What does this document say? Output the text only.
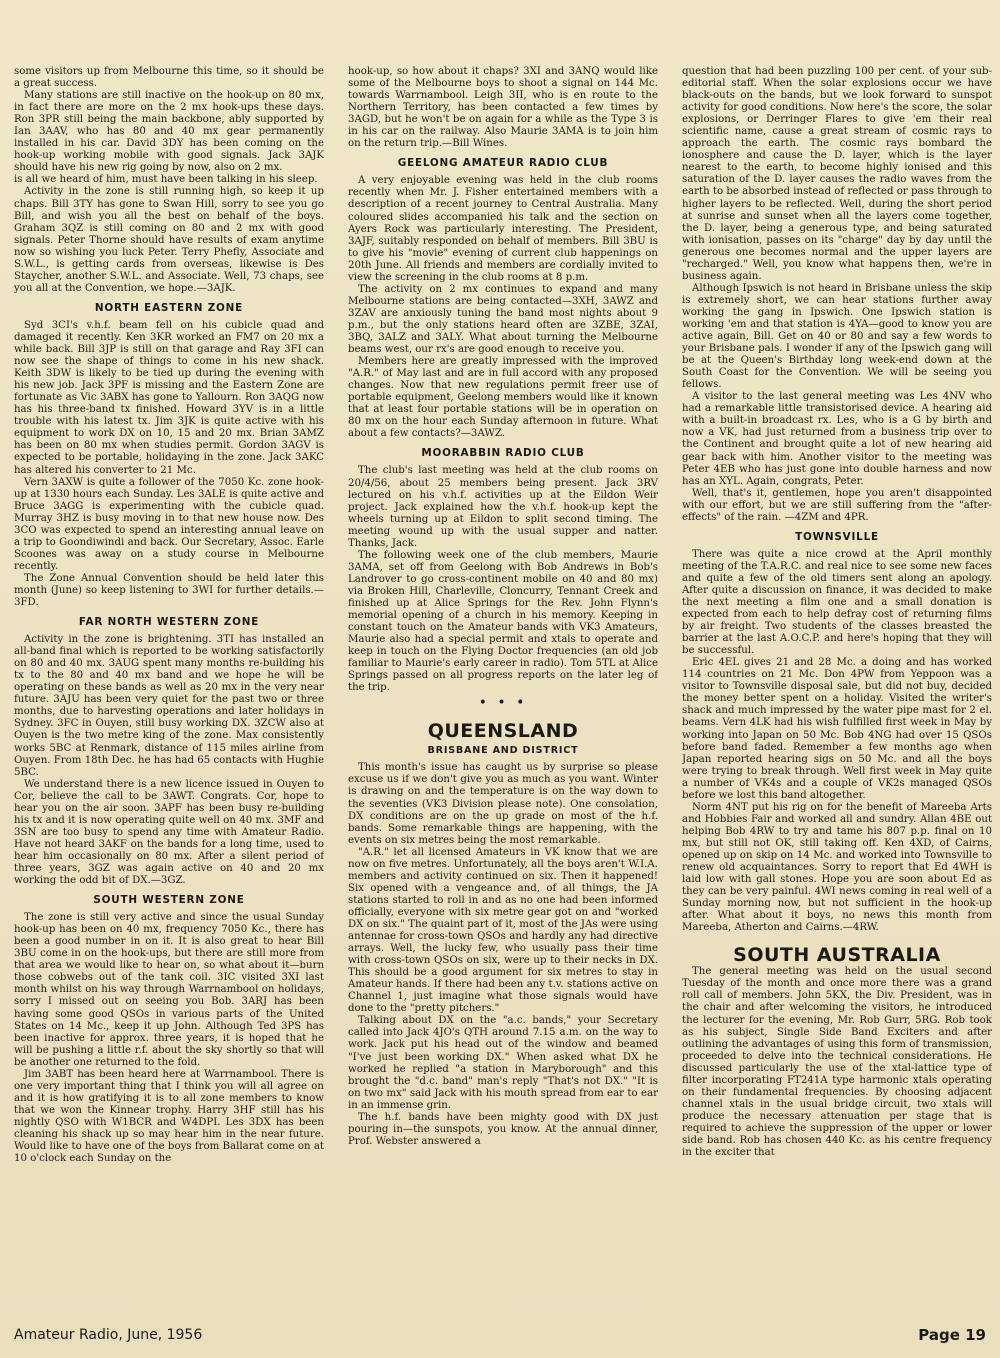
some visitors up from Melbourne this time, so it should be a great success.

Many stations are still inactive on the hook-up on 80 mx, in fact there are more on the 2 mx hook-ups these days. Ron 3PR still being the main backbone, ably supported by Ian 3AAV, who has 80 and 40 mx gear permanently installed in his car. David 3DY has been coming on the hook-up working mobile with good signals. Jack 3AJK should have his new rig going by now, also on 2 mx.

is all we heard of him, must have been talking in his sleep.

Activity in the zone is still running high, so keep it up chaps. Bill 3TY has gone to Swan Hill, sorry to see you go Bill, and wish you all the best on behalf of the boys. Graham 3QZ is still coming on 80 and 2 mx with good signals. Peter Thorne should have results of exam anytime now so wishing you luck Peter. Terry Phefly, Associate and S.W.L., is getting cards from overseas, likewise is Des Staycher, another S.W.L. and Associate. Well, 73 chaps, see you all at the Convention, we hope.—3AJK.

NORTH EASTERN ZONE

Syd 3CI's v.h.f. beam fell on his cubicle quad and damaged it recently. Ken 3KR worked an FM7 on 20 mx a while back. Bill 3JP is still on that garage and Ray 3FI can now see the shape of things to come in his new shack. Keith 3DW is likely to be tied up during the evening with his new job. Jack 3PF is missing and the Eastern Zone are fortunate as Vic 3ABX has gone to Yallourn. Ron 3AQG now has his three-band tx finished. Howard 3YV is in a little trouble with his latest tx. Jim 3JK is quite active with his equipment to work DX on 10, 15 and 20 mx. Brian 3AMZ has been on 80 mx when studies permit. Gordon 3AGV is expected to be portable, holidaying in the zone. Jack 3AKC has altered his converter to 21 Mc.

Vern 3AXW is quite a follower of the 7050 Kc. zone hook-up at 1330 hours each Sunday. Les 3ALE is quite active and Bruce 3AGG is experimenting with the cubicle quad. Murray 3HZ is busy moving in to that new house now. Des 3CO was expected to spend an interesting annual leave on a trip to Goondiwindi and back. Our Secretary, Assoc. Earle Scoones was away on a study course in Melbourne recently.

The Zone Annual Convention should be held later this month (June) so keep listening to 3WI for further details.—3FD.

FAR NORTH WESTERN ZONE

Activity in the zone is brightening. 3TI has installed an all-band final which is reported to be working satisfactorily on 80 and 40 mx. 3AUG spent many months re-building his tx to the 80 and 40 mx band and we hope he will be operating on these bands as well as 20 mx in the very near future. 3AJU has been very quiet for the past two or three months, due to harvesting operations and later holidays in Sydney. 3FC in Ouyen, still busy working DX. 3ZCW also at Ouyen is the two metre king of the zone. Max consistently works 5BC at Renmark, distance of 115 miles airline from Ouyen. From 18th Dec. he has had 65 contacts with Hughie 5BC.

We understand there is a new licence issued in Ouyen to Cor, believe the call to be 3AWT. Congrats. Cor, hope to hear you on the air soon. 3APF has been busy re-building his tx and it is now operating quite well on 40 mx. 3MF and 3SN are too busy to spend any time with Amateur Radio. Have not heard 3AKF on the bands for a long time, used to hear him occasionally on 80 mx. After a silent period of three years, 3GZ was again active on 40 and 20 mx working the odd bit of DX.—3GZ.

SOUTH WESTERN ZONE

The zone is still very active and since the usual Sunday hook-up has been on 40 mx, frequency 7050 Kc., there has been a good number in on it. It is also great to hear Bill 3BU come in on the hook-ups, but there are still more from that area we would like to hear on, so what about it—burn those cobwebs out of the tank coil. 3IC visited 3XI last month whilst on his way through Warrnambool on holidays, sorry I missed out on seeing you Bob. 3ARJ has been having some good QSOs in various parts of the United States on 14 Mc., keep it up John. Although Ted 3PS has been inactive for approx. three years, it is hoped that he will be pushing a little r.f. about the sky shortly so that will be another one returned to the fold.

Jim 3ABT has been heard here at Warrnambool. There is one very important thing that I think you will all agree on and it is how gratifying it is to all zone members to know that we won the Kinnear trophy. Harry 3HF still has his nightly QSO with W1BCR and W4DPI. Les 3DX has been cleaning his shack up so may hear him in the near future. Would like to have one of the boys from Ballarat come on at 10 o'clock each Sunday on the

hook-up, so how about it chaps? 3XI and 3ANQ would like some of the Melbourne boys to shoot a signal on 144 Mc. towards Warrnambool. Leigh 3II, who is en route to the Northern Territory, has been contacted a few times by 3AGD, but he won't be on again for a while as the Type 3 is in his car on the railway. Also Maurie 3AMA is to join him on the return trip.—Bill Wines.

GEELONG AMATEUR RADIO CLUB

A very enjoyable evening was held in the club rooms recently when Mr. J. Fisher entertained members with a description of a recent journey to Central Australia. Many coloured slides accompanied his talk and the section on Ayers Rock was particularly interesting. The President, 3AJF, suitably responded on behalf of members. Bill 3BU is to give his "movie" evening of current club happenings on 20th June. All friends and members are cordially invited to view the screening in the club rooms at 8 p.m.

The activity on 2 mx continues to expand and many Melbourne stations are being contacted—3XH, 3AWZ and 3ZAV are anxiously tuning the band most nights about 9 p.m., but the only stations heard often are 3ZBE, 3ZAI, 3BQ, 3ALZ and 3ALY. What about turning the Melbourne beams west, our rx's are good enough to receive you.

Members here are greatly impressed with the improved "A.R." of May last and are in full accord with any proposed changes. Now that new regulations permit freer use of portable equipment, Geelong members would like it known that at least four portable stations will be in operation on 80 mx on the hour each Sunday afternoon in future. What about a few contacts?—3AWZ.

MOORABBIN RADIO CLUB

The club's last meeting was held at the club rooms on 20/4/56, about 25 members being present. Jack 3RV lectured on his v.h.f. activities up at the Eildon Weir project. Jack explained how the v.h.f. hook-up kept the wheels turning up at Eildon to split second timing. The meeting wound up with the usual supper and natter. Thanks, Jack.

The following week one of the club members, Maurie 3AMA, set off from Geelong with Bob Andrews in Bob's Landrover to go cross-continent mobile on 40 and 80 mx) via Broken Hill, Charleville, Cloncurry, Tennant Creek and finished up at Alice Springs for the Rev. John Flynn's memorial opening of a church in his memory. Keeping in constant touch on the Amateur bands with VK3 Amateurs, Maurie also had a special permit and xtals to operate and keep in touch on the Flying Doctor frequencies (an old job familiar to Maurie's early career in radio). Tom 5TL at Alice Springs passed on all progress reports on the later leg of the trip.

• • •
QUEENSLAND
BRISBANE AND DISTRICT

This month's issue has caught us by surprise so please excuse us if we don't give you as much as you want. Winter is drawing on and the temperature is on the way down to the seventies (VK3 Division please note). One consolation, DX conditions are on the up grade on most of the h.f. bands. Some remarkable things are happening, with the events on six metres being the most remarkable.

"A.R." let all licensed Amateurs in VK know that we are now on five metres. Unfortunately, all the boys aren't W.I.A. members and activity continued on six. Then it happened! Six opened with a vengeance and, of all things, the JA stations started to roll in and as no one had been informed officially, everyone with six metre gear got on and "worked DX on six." The quaint part of it, most of the JAs were using antennae for cross-town QSOs and hardly any had directive arrays. Well, the lucky few, who usually pass their time with cross-town QSOs on six, were up to their necks in DX. This should be a good argument for six metres to stay in Amateur hands. If there had been any t.v. stations active on Channel 1, just imagine what those signals would have done to the "pretty pitchers."

Talking about DX on the "a.c. bands," your Secretary called into Jack 4JO's QTH around 7.15 a.m. on the way to work. Jack put his head out of the window and beamed "I've just been working DX." When asked what DX he worked he replied "a station in Maryborough" and this brought the "d.c. band" man's reply "That's not DX." "It is on two mx" said Jack with his mouth spread from ear to ear in an immense grin.

The h.f. bands have been mighty good with DX just pouring in—the sunspots, you know. At the annual dinner, Prof. Webster answered a

question that had been puzzling 100 per cent. of your sub-editorial staff. When the solar explosions occur we have black-outs on the bands, but we look forward to sunspot activity for good conditions. Now here's the score, the solar explosions, or Derringer Flares to give 'em their real scientific name, cause a great stream of cosmic rays to approach the earth. The cosmic rays bombard the ionosphere and cause the D. layer, which is the layer nearest to the earth, to become highly ionised and this saturation of the D. layer causes the radio waves from the earth to be absorbed instead of reflected or pass through to higher layers to be reflected. Well, during the short period at sunrise and sunset when all the layers come together, the D. layer, being a generous type, and being saturated with ionisation, passes on its "charge" day by day until the generous one becomes normal and the upper layers are "recharged." Well, you know what happens then, we're in business again.

Although Ipswich is not heard in Brisbane unless the skip is extremely short, we can hear stations further away working the gang in Ipswich. One Ipswich station is working 'em and that station is 4YA—good to know you are active again, Bill. Get on 40 or 80 and say a few words to your Brisbane pals. I wonder if any of the Ipswich gang will be at the Queen's Birthday long week-end down at the South Coast for the Convention. We will be seeing you fellows.

A visitor to the last general meeting was Les 4NV who had a remarkable little transistorised device. A hearing aid with a built-in broadcast rx. Les, who is a G by birth and now a VK, had just returned from a business trip over to the Continent and brought quite a lot of new hearing aid gear back with him. Another visitor to the meeting was Peter 4EB who has just gone into double harness and now has an XYL. Again, congrats, Peter.

Well, that's it, gentlemen, hope you aren't disappointed with our effort, but we are still suffering from the "after-effects" of the rain. —4ZM and 4PR.

TOWNSVILLE

There was quite a nice crowd at the April monthly meeting of the T.A.R.C. and real nice to see some new faces and quite a few of the old timers sent along an apology. After quite a discussion on finance, it was decided to make the next meeting a film one and a small donation is expected from each to help defray cost of returning films by air freight. Two students of the classes breasted the barrier at the last A.O.C.P. and here's hoping that they will be successful.

Eric 4EL gives 21 and 28 Mc. a doing and has worked 114 countries on 21 Mc. Don 4PW from Yeppoon was a visitor to Townsville disposal sale, but did not buy, decided the money better spent on a holiday. Visited the writer's shack and much impressed by the water pipe mast for 2 el. beams. Vern 4LK had his wish fulfilled first week in May by working into Japan on 50 Mc. Bob 4NG had over 15 QSOs before band faded. Remember a few months ago when Japan reported hearing sigs on 50 Mc. and all the boys were trying to break through. Well first week in May quite a number of VK4s and a couple of VK2s managed QSOs before we lost this band altogether.

Norm 4NT put his rig on for the benefit of Mareeba Arts and Hobbies Fair and worked all and sundry. Allan 4BE out helping Bob 4RW to try and tame his 807 p.p. final on 10 mx, but still not OK, still taking off. Ken 4XD, of Cairns, opened up on skip on 14 Mc. and worked into Townsville to renew old acquaintances. Sorry to report that Ed 4WH is laid low with gall stones. Hope you are soon about Ed as they can be very painful. 4WI news coming in real well of a Sunday morning now, but not sufficient in the hook-up after. What about it boys, no news this month from Mareeba, Atherton and Cairns.—4RW.

SOUTH AUSTRALIA

The general meeting was held on the usual second Tuesday of the month and once more there was a grand roll call of members. John 5KX, the Div. President, was in the chair and after welcoming the visitors, he introduced the lecturer for the evening, Mr. Rob Gurr, 5RG. Rob took as his subject, Single Side Band Exciters and after outlining the advantages of using this form of transmission, proceeded to delve into the technical considerations. He discussed particularly the use of the xtal-lattice type of filter incorporating FT241A type harmonic xtals operating on their fundamental frequencies. By choosing adjacent channel xtals in the usual bridge circuit, two xtals will produce the necessary attenuation per stage that is required to achieve the suppression of the upper or lower side band. Rob has chosen 440 Kc. as his centre frequency in the exciter that

Amateur Radio, June, 1956	Page 19
